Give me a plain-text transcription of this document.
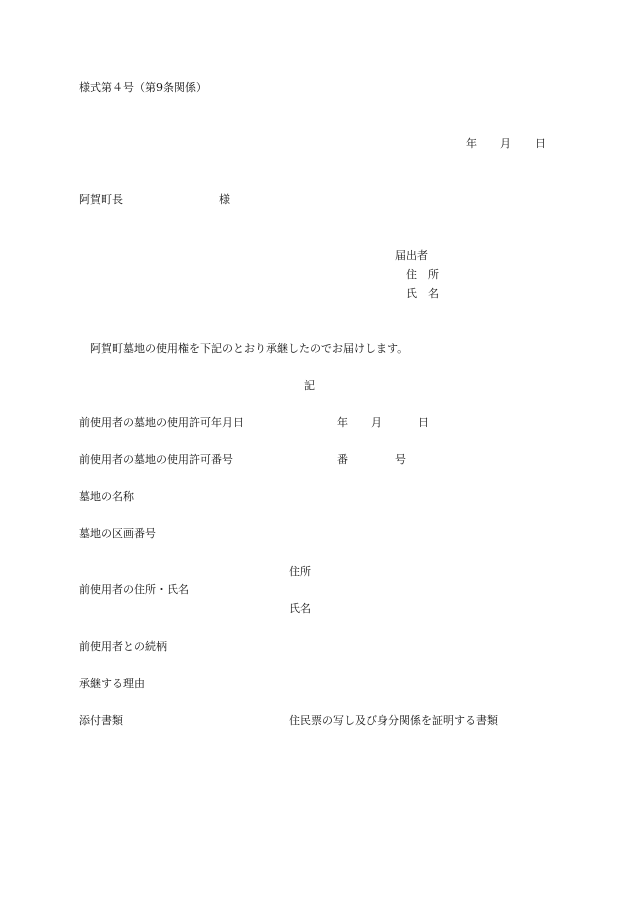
様式第４号（第9条関係）
年 月 日
阿賀町長	様
届出者
住　所
氏　名
阿賀町墓地の使用権を下記のとおり承継したのでお届けします。
記
前使用者の墓地の使用許可年月日	年 月	日
前使用者の墓地の使用許可番号	番	号
墓地の名称
墓地の区画番号
住所
前使用者の住所・氏名
氏名
前使用者との続柄
承継する理由
添付書類	住民票の写し及び身分関係を証明する書類
